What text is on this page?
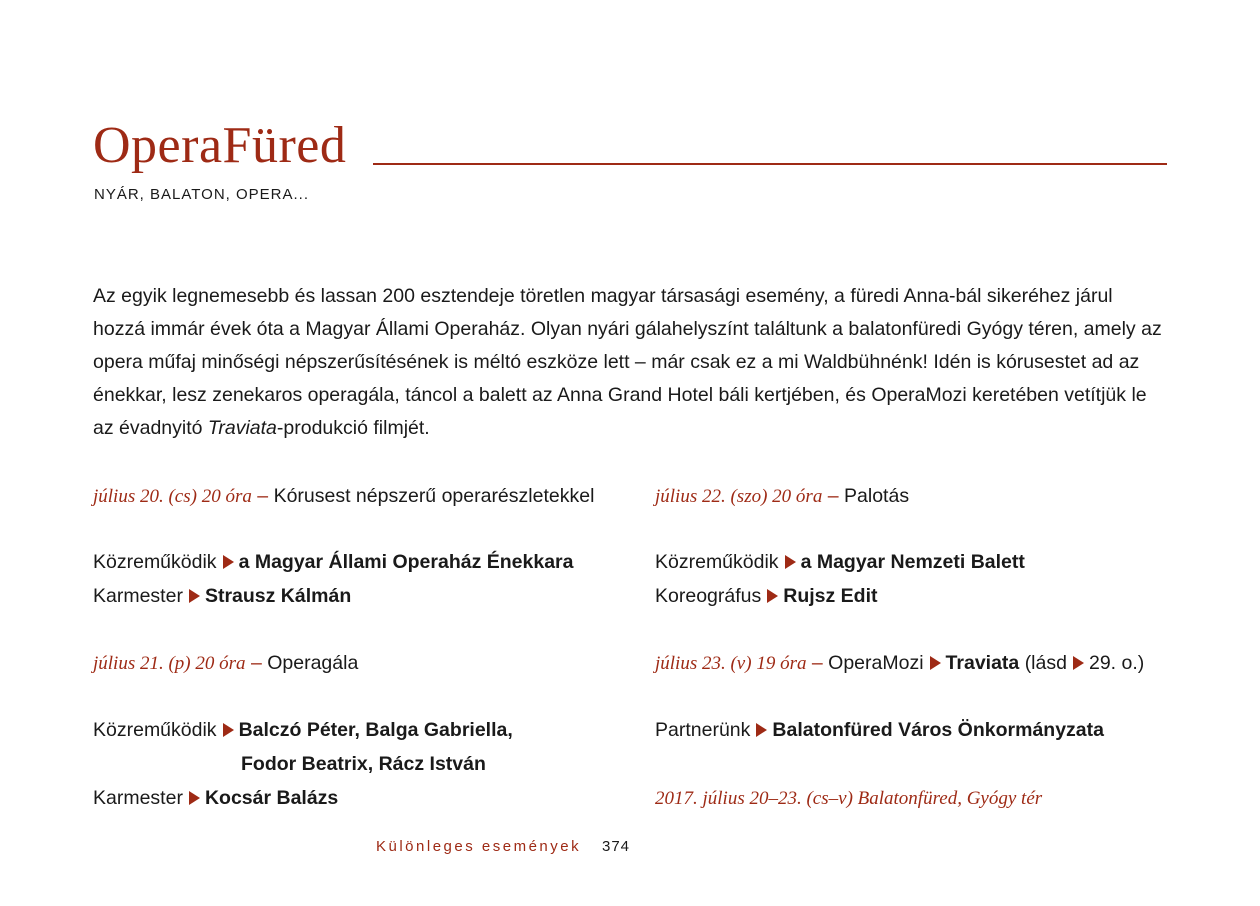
OperaFüred
NYÁR, BALATON, OPERA...

Az egyik legnemesebb és lassan 200 esztendeje töretlen magyar társasági esemény, a füredi Anna-bál sikeréhez járul hozzá immár évek óta a Magyar Állami Operaház. Olyan nyári gálahelyszínt találtunk a balatonfüredi Gyógy téren, amely az opera műfaj minőségi népszerűsítésének is méltó eszköze lett – már csak ez a mi Waldbühnénk! Idén is kórusestet ad az énekkar, lesz zenekaros operagála, táncol a balett az Anna Grand Hotel báli kertjében, és OperaMozi keretében vetítjük le az évadnyitó Traviata-produkció filmjét.

július 20. (cs) 20 óra – Kórusest népszerű operarészletekkel
Közreműködik a Magyar Állami Operaház Énekkara
Karmester Strausz Kálmán
július 21. (p) 20 óra – Operagála
Közreműködik Balczó Péter, Balga Gabriella,
Fodor Beatrix, Rácz István
Karmester Kocsár Balázs
július 22. (szo) 20 óra – Palotás
Közreműködik a Magyar Nemzeti Balett
Koreográfus Rujsz Edit
július 23. (v) 19 óra – OperaMozi Traviata (lásd 29. o.)
Partnerünk Balatonfüred Város Önkormányzata
2017. július 20–23. (cs–v) Balatonfüred, Gyógy tér
Különleges események 374
